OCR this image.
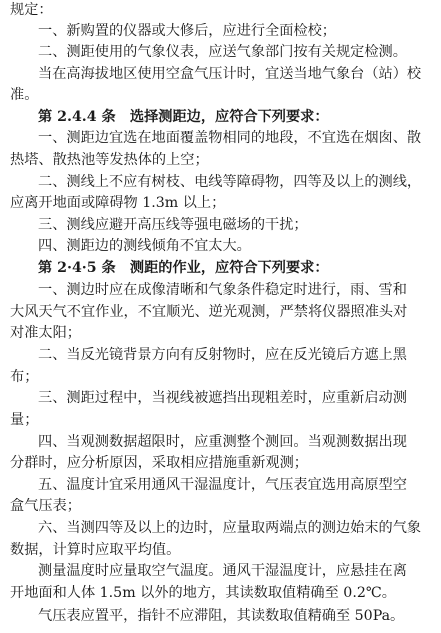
规定：
一、新购置的仪器或大修后，应进行全面检校；
二、测距使用的气象仪表，应送气象部门按有关规定检测。
当在高海拔地区使用空盒气压计时，宜送当地气象台（站）校
准。
第 2.4.4 条　选择测距边，应符合下列要求：
一、测距边宜选在地面覆盖物相同的地段，不宜选在烟囱、散
热塔、散热池等发热体的上空；
二、测线上不应有树枝、电线等障碍物，四等及以上的测线，
应离开地面或障碍物 1.3m 以上；
三、测线应避开高压线等强电磁场的干扰；
四、测距边的测线倾角不宜太大。
第 2·4·5 条　测距的作业，应符合下列要求：
一、测边时应在成像清晰和气象条件稳定时进行，雨、雪和
大风天气不宜作业，不宜顺光、逆光观测，严禁将仪器照准头对
对准太阳；
二、当反光镜背景方向有反射物时，应在反光镜后方遮上黑
布；
三、测距过程中，当视线被遮挡出现粗差时，应重新启动测
量；
四、当观测数据超限时，应重测整个测回。当观测数据出现
分群时，应分析原因，采取相应措施重新观测；
五、温度计宜采用通风干湿温度计，气压表宜选用高原型空
盒气压表；
六、当测四等及以上的边时，应量取两端点的测边始末的气象
数据，计算时应取平均值。
测量温度时应量取空气温度。通风干湿温度计，应悬挂在离
开地面和人体 1.5m 以外的地方，其读数取值精确至 0.2℃。
气压表应置平，指针不应滞阻，其读数取值精确至 50Pa。
